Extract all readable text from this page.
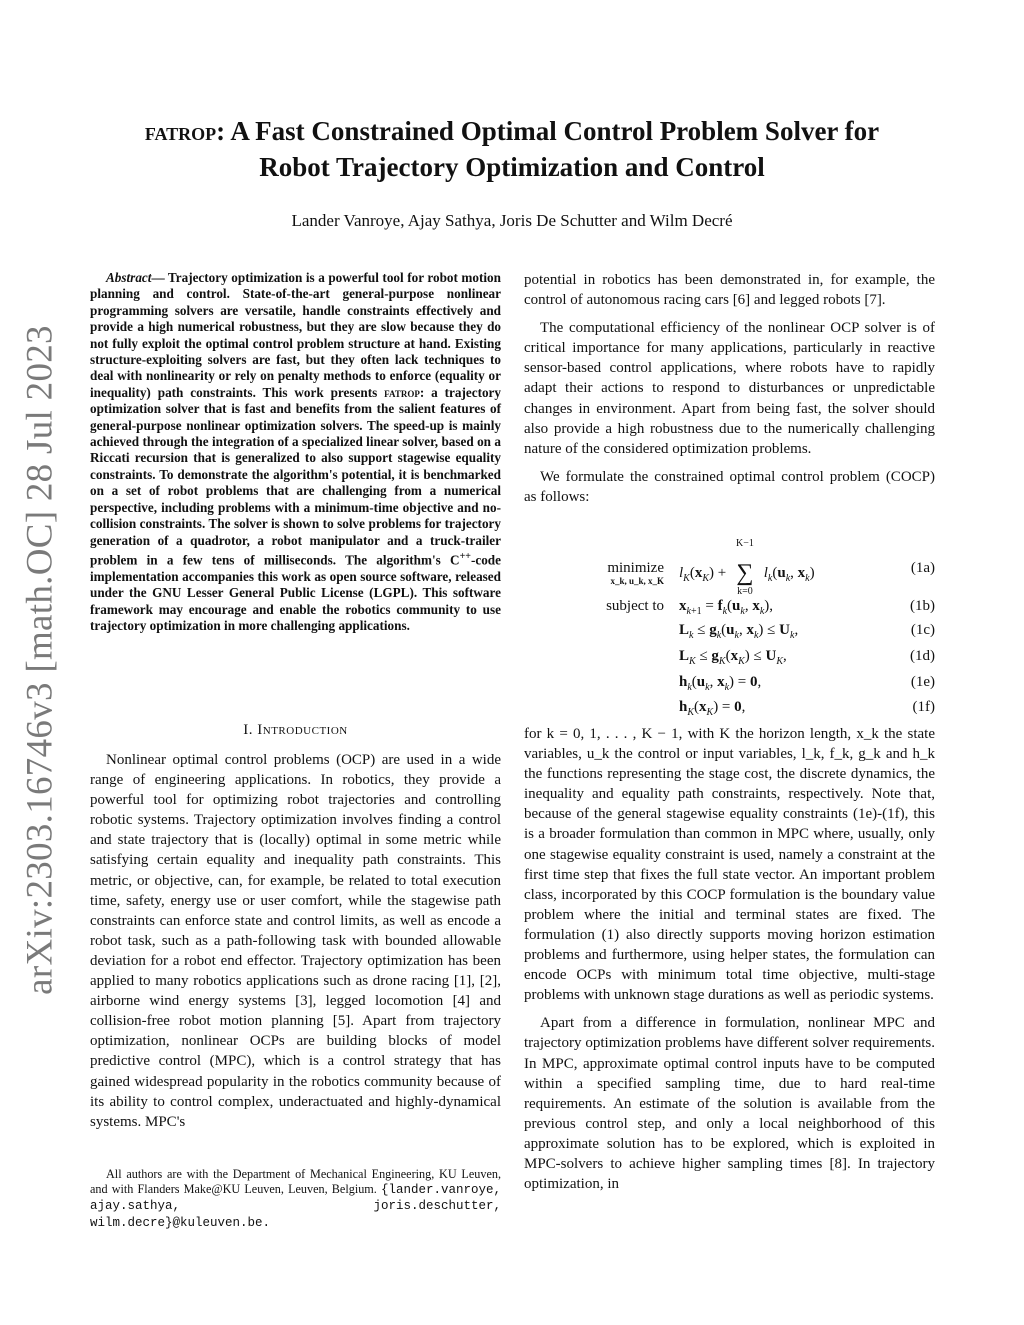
arXiv:2303.16746v3 [math.OC] 28 Jul 2023
fatrop: A Fast Constrained Optimal Control Problem Solver for
Robot Trajectory Optimization and Control
Lander Vanroye, Ajay Sathya, Joris De Schutter and Wilm Decré
Abstract— Trajectory optimization is a powerful tool for robot motion planning and control. State-of-the-art general-purpose nonlinear programming solvers are versatile, handle constraints effectively and provide a high numerical robustness, but they are slow because they do not fully exploit the optimal control problem structure at hand. Existing structure-exploiting solvers are fast, but they often lack techniques to deal with nonlinearity or rely on penalty methods to enforce (equality or inequality) path constraints. This work presents fatrop: a trajectory optimization solver that is fast and benefits from the salient features of general-purpose nonlinear optimization solvers. The speed-up is mainly achieved through the integration of a specialized linear solver, based on a Riccati recursion that is generalized to also support stagewise equality constraints. To demonstrate the algorithm's potential, it is benchmarked on a set of robot problems that are challenging from a numerical perspective, including problems with a minimum-time objective and no-collision constraints. The solver is shown to solve problems for trajectory generation of a quadrotor, a robot manipulator and a truck-trailer problem in a few tens of milliseconds. The algorithm's C++-code implementation accompanies this work as open source software, released under the GNU Lesser General Public License (LGPL). This software framework may encourage and enable the robotics community to use trajectory optimization in more challenging applications.
I. Introduction

Nonlinear optimal control problems (OCP) are used in a wide range of engineering applications. In robotics, they provide a powerful tool for optimizing robot trajectories and controlling robotic systems. Trajectory optimization involves finding a control and state trajectory that is (locally) optimal in some metric while satisfying certain equality and inequality path constraints. This metric, or objective, can, for example, be related to total execution time, safety, energy use or user comfort, while the stagewise path constraints can enforce state and control limits, as well as encode a robot task, such as a path-following task with bounded allowable deviation for a robot end effector. Trajectory optimization has been applied to many robotics applications such as drone racing [1], [2], airborne wind energy systems [3], legged locomotion [4] and collision-free robot motion planning [5]. Apart from trajectory optimization, nonlinear OCPs are building blocks of model predictive control (MPC), which is a control strategy that has gained widespread popularity in the robotics community because of its ability to control complex, underactuated and highly-dynamical systems. MPC's

All authors are with the Department of Mechanical Engineering, KU Leuven, and with Flanders Make@KU Leuven, Leuven, Belgium. {lander.vanroye, ajay.sathya, joris.deschutter, wilm.decre}@kuleuven.be.

potential in robotics has been demonstrated in, for example, the control of autonomous racing cars [6] and legged robots [7].

The computational efficiency of the nonlinear OCP solver is of critical importance for many applications, particularly in reactive sensor-based control applications, where robots have to rapidly adapt their actions to respond to disturbances or unpredictable changes in environment. Apart from being fast, the solver should also provide a high robustness due to the numerically challenging nature of the considered optimization problems.

We formulate the constrained optimal control problem (COCP) as follows:

minimize

x_k, u_k, x_K
$l_K(x_K)$ +
K−1
∑
k=0
$l_k(u_k$, $x_k$)	(1a)
subject to $x_{k+1} = f_k(u_k$, $x_k$),	(1b)
$L_k \le g_k(u_k$, $x_k) \le U_k$,	(1c)
$L_K \le g_K(x_K) \le U_K$,	(1d)
$h_k(u_k$, $x_k) = 0$,	(1e)
$h_K(x_K) = 0$,	(1f)

for k = 0, 1, . . . , K − 1, with K the horizon length, x_k the state variables, u_k the control or input variables, l_k, f_k, g_k and h_k the functions representing the stage cost, the discrete dynamics, the inequality and equality path constraints, respectively. Note that, because of the general stagewise equality constraints (1e)-(1f), this is a broader formulation than common in MPC where, usually, only one stagewise equality constraint is used, namely a constraint at the first time step that fixes the full state vector. An important problem class, incorporated by this COCP formulation is the boundary value problem where the initial and terminal states are fixed. The formulation (1) also directly supports moving horizon estimation problems and furthermore, using helper states, the formulation can encode OCPs with minimum total time objective, multi-stage problems with unknown stage durations as well as periodic systems.

Apart from a difference in formulation, nonlinear MPC and trajectory optimization problems have different solver requirements. In MPC, approximate optimal control inputs have to be computed within a specified sampling time, due to hard real-time requirements. An estimate of the solution is available from the previous control step, and only a local neighborhood of this approximate solution has to be explored, which is exploited in MPC-solvers to achieve higher sampling times [8]. In trajectory optimization, in
